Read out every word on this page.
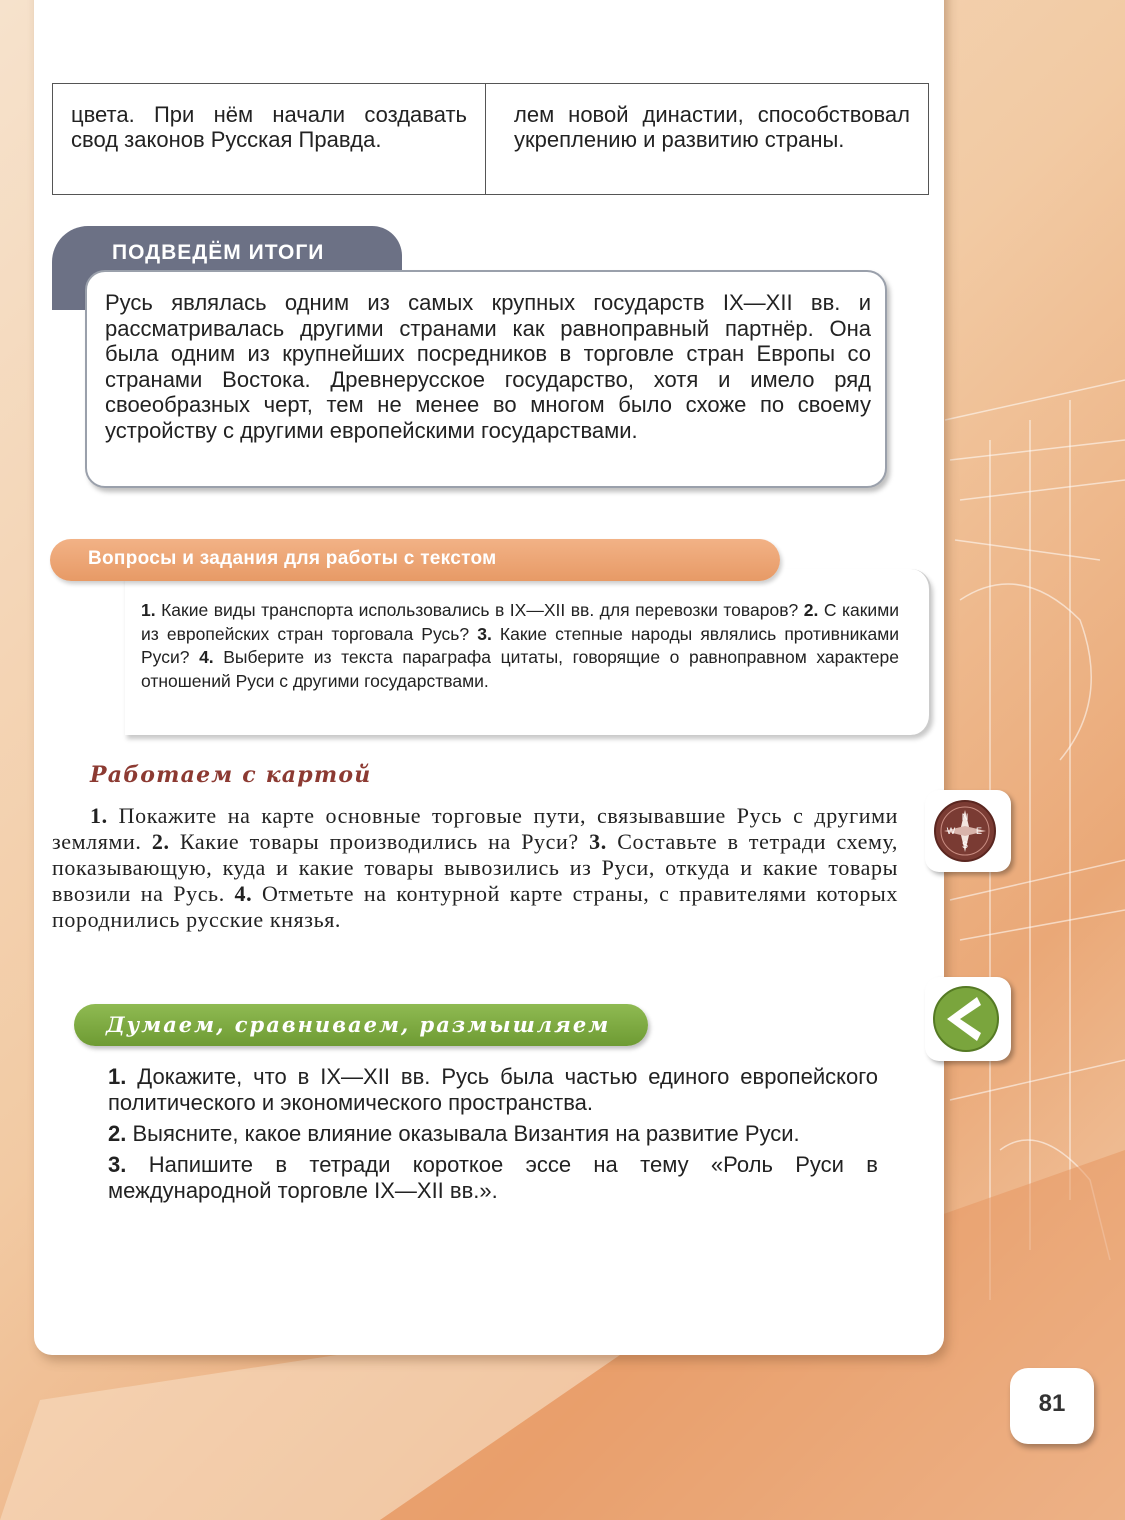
цвета. При нём начали создавать свод законов Русская Правда.
лем новой династии, способствовал укреплению и развитию страны.
ПОДВЕДЁМ ИТОГИ
Русь являлась одним из самых крупных государств IX—XII вв. и рассматривалась другими странами как равноправный партнёр. Она была одним из крупнейших посредников в торговле стран Европы со странами Востока. Древнерусское государство, хотя и имело ряд своеобразных черт, тем не менее во многом было схоже по своему устройству с другими европейскими государствами.
1. Какие виды транспорта использовались в IX—XII вв. для перевозки товаров? 2. С какими из европейских стран торговала Русь? 3. Какие степные народы являлись противниками Руси? 4. Выберите из текста параграфа цитаты, говорящие о равноправном характере отношений Руси с другими государствами.
Вопросы и задания для работы с текстом
Работаем с картой
1. Покажите на карте основные торговые пути, связывавшие Русь с другими землями. 2. Какие товары производились на Руси? 3. Составьте в тетради схему, показывающую, куда и какие товары вывозились из Руси, откуда и какие товары ввозили на Русь. 4. Отметьте на контурной карте страны, с правителями которых породнились русские князья.
Думаем, сравниваем, размышляем

1. Докажите, что в IX—XII вв. Русь была частью единого европейского политического и экономического пространства.

2. Выясните, какое влияние оказывала Византия на развитие Руси.

3. Напишите в тетради короткое эссе на тему «Роль Руси в международной торговле IX—XII вв.».

N
W E
S
81
